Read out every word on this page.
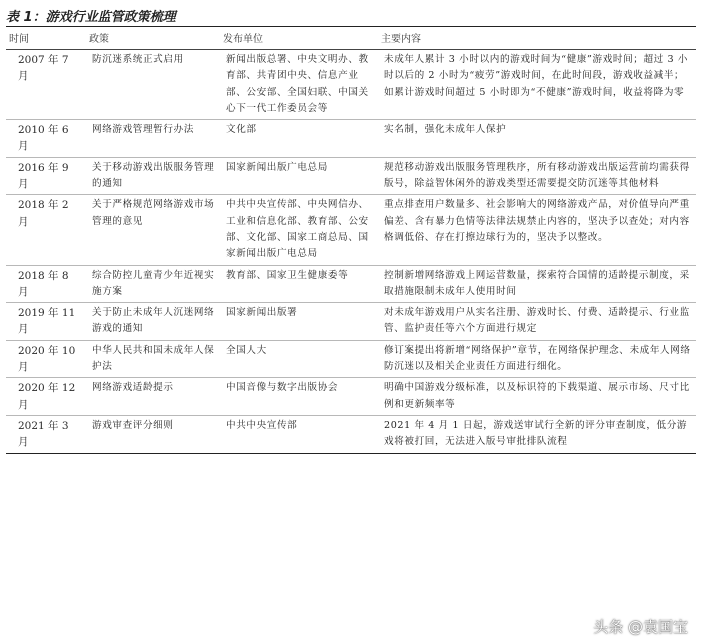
表 1：游戏行业监管政策梳理
时间	政策	发布单位	主要内容
2007 年 7 月	防沉迷系统正式启用	新闻出版总署、中央文明办、教育部、共青团中央、信息产业部、公安部、全国妇联、中国关心下一代工作委员会等	未成年人累计 3 小时以内的游戏时间为“健康”游戏时间；超过 3 小时以后的 2 小时为“疲劳”游戏时间，在此时间段，游戏收益减半；如累计游戏时间超过 5 小时即为“不健康”游戏时间，收益将降为零
2010 年 6 月	网络游戏管理暂行办法	文化部	实名制，强化未成年人保护
2016 年 9 月	关于移动游戏出版服务管理的通知	国家新闻出版广电总局	规范移动游戏出版服务管理秩序，所有移动游戏出版运营前均需获得版号，除益智休闲外的游戏类型还需要提交防沉迷等其他材料
2018 年 2 月	关于严格规范网络游戏市场管理的意见	中共中央宣传部、中央网信办、工业和信息化部、教育部、公安部、文化部、国家工商总局、国家新闻出版广电总局	重点排查用户数量多、社会影响大的网络游戏产品，对价值导向严重偏差、含有暴力色情等法律法规禁止内容的，坚决予以查处；对内容格调低俗、存在打擦边球行为的，坚决予以整改。
2018 年 8 月	综合防控儿童青少年近视实施方案	教育部、国家卫生健康委等	控制新增网络游戏上网运营数量，探索符合国情的适龄提示制度，采取措施限制未成年人使用时间
2019 年 11 月	关于防止未成年人沉迷网络游戏的通知	国家新闻出版署	对未成年游戏用户从实名注册、游戏时长、付费、适龄提示、行业监管、监护责任等六个方面进行规定
2020 年 10 月	中华人民共和国未成年人保护法	全国人大	修订案提出将新增“网络保护”章节，在网络保护理念、未成年人网络防沉迷以及相关企业责任方面进行细化。
2020 年 12 月	网络游戏适龄提示	中国音像与数字出版协会	明确中国游戏分级标准，以及标识符的下载渠道、展示市场、尺寸比例和更新频率等
2021 年 3 月	游戏审查评分细则	中共中央宣传部	2021 年 4 月 1 日起，游戏送审试行全新的评分审查制度，低分游戏将被打回，无法进入版号审批排队流程
头条 @袁国宝
